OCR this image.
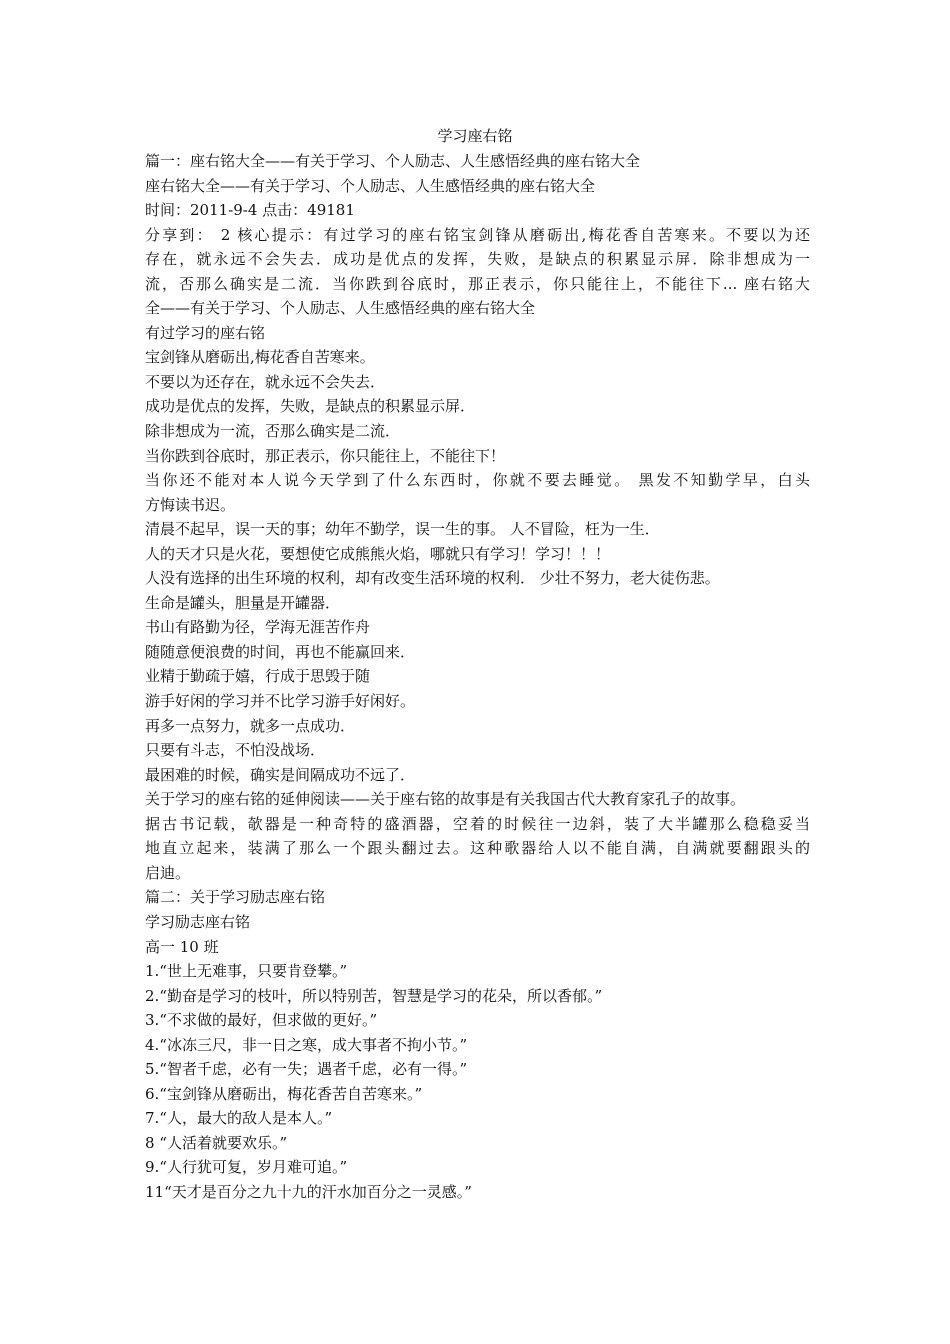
学习座右铭
篇一：座右铭大全——有关于学习、个人励志、人生感悟经典的座右铭大全
座右铭大全——有关于学习、个人励志、人生感悟经典的座右铭大全
时间：2011-9-4 点击：49181
分享到： 2 核心提示：有过学习的座右铭宝剑锋从磨砺出,梅花香自苦寒来。不要以为还
存在，就永远不会失去．成功是优点的发挥，失败，是缺点的积累显示屏．除非想成为一
流，否那么确实是二流．当你跌到谷底时，那正表示，你只能往上，不能往下... 座右铭大
全——有关于学习、个人励志、人生感悟经典的座右铭大全
有过学习的座右铭
宝剑锋从磨砺出,梅花香自苦寒来。
不要以为还存在，就永远不会失去．
成功是优点的发挥，失败，是缺点的积累显示屏．
除非想成为一流，否那么确实是二流．
当你跌到谷底时，那正表示，你只能往上，不能往下！
当你还不能对本人说今天学到了什么东西时，你就不要去睡觉。 黑发不知勤学早，白头
方悔读书迟。
清晨不起早，误一天的事；幼年不勤学，误一生的事。 人不冒险，枉为一生．
人的天才只是火花，要想使它成熊熊火焰，哪就只有学习！学习！！！
人没有选择的出生环境的权利，却有改变生活环境的权利． 少壮不努力，老大徒伤悲。
生命是罐头，胆量是开罐器．
书山有路勤为径，学海无涯苦作舟
随随意便浪费的时间，再也不能赢回来．
业精于勤疏于嬉，行成于思毁于随
游手好闲的学习并不比学习游手好闲好。
再多一点努力，就多一点成功．
只要有斗志，不怕没战场．
最困难的时候，确实是间隔成功不远了．
关于学习的座右铭的延伸阅读——关于座右铭的故事是有关我国古代大教育家孔子的故事。
据古书记载，欹器是一种奇特的盛酒器，空着的时候往一边斜，装了大半罐那么稳稳妥当
地直立起来，装满了那么一个跟头翻过去。这种歌器给人以不能自满，自满就要翻跟头的
启迪。
篇二：关于学习励志座右铭
学习励志座右铭
高一 10 班
1.“世上无难事，只要肯登攀。”
2.“勤奋是学习的枝叶，所以特别苦，智慧是学习的花朵，所以香郁。”
3.“不求做的最好，但求做的更好。”
4.“冰冻三尺，非一日之寒，成大事者不拘小节。”
5.“智者千虑，必有一失；遇者千虑，必有一得。”
6.“宝剑锋从磨砺出，梅花香苦自苦寒来。”
7.“人，最大的敌人是本人。”
8 “人活着就要欢乐。”
9.“人行犹可复，岁月难可追。”
11“天才是百分之九十九的汗水加百分之一灵感。”
